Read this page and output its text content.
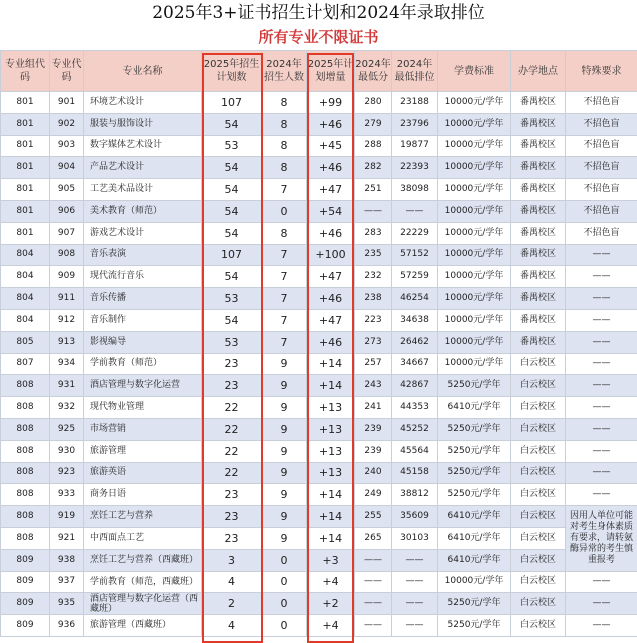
2025年3+证书招生计划和2024年录取排位
所有专业不限证书
专业组代码	专业代码	专业名称	2025年招生计划数	2024年招生人数	2025年计划增量	2024年最低分	2024年最低排位	学费标准	办学地点	特殊要求
801	901	环境艺术设计	107	8	+99	280	23188	10000元/学年	番禺校区	不招色盲
801	902	服装与服饰设计	54	8	+46	279	23796	10000元/学年	番禺校区	不招色盲
801	903	数字媒体艺术设计	53	8	+45	288	19877	10000元/学年	番禺校区	不招色盲
801	904	产品艺术设计	54	8	+46	282	22393	10000元/学年	番禺校区	不招色盲
801	905	工艺美术品设计	54	7	+47	251	38098	10000元/学年	番禺校区	不招色盲
801	906	美术教育（师范）	54	0	+54	——	——	10000元/学年	番禺校区	不招色盲
801	907	游戏艺术设计	54	8	+46	283	22229	10000元/学年	番禺校区	不招色盲
804	908	音乐表演	107	7	+100	235	57152	10000元/学年	番禺校区	——
804	909	现代流行音乐	54	7	+47	232	57259	10000元/学年	番禺校区	——
804	911	音乐传播	53	7	+46	238	46254	10000元/学年	番禺校区	——
804	912	音乐制作	54	7	+47	223	34638	10000元/学年	番禺校区	——
805	913	影视编导	53	7	+46	273	26462	10000元/学年	番禺校区	——
807	934	学前教育（师范）	23	9	+14	257	34667	10000元/学年	白云校区	——
808	931	酒店管理与数字化运营	23	9	+14	243	42867	5250元/学年	白云校区	——
808	932	现代物业管理	22	9	+13	241	44353	6410元/学年	白云校区	——
808	925	市场营销	22	9	+13	239	45252	5250元/学年	白云校区	——
808	930	旅游管理	22	9	+13	239	45564	5250元/学年	白云校区	——
808	923	旅游英语	22	9	+13	240	45158	5250元/学年	白云校区	——
808	933	商务日语	23	9	+14	249	38812	5250元/学年	白云校区	——
808	919	烹饪工艺与营养	23	9	+14	255	35609	6410元/学年	白云校区	因用人单位可能对考生身体素质有要求，请转氨酶异常的考生慎重报考
808	921	中西面点工艺	23	9	+14	265	30103	6410元/学年	白云校区	
809	938	烹饪工艺与营养（西藏班）	3	0	+3	——	——	6410元/学年	白云校区	
809	937	学前教育（师范，西藏班）	4	0	+4	——	——	10000元/学年	白云校区	——
809	935	酒店管理与数字化运营（西藏班）	2	0	+2	——	——	5250元/学年	白云校区	——
809	936	旅游管理（西藏班）	4	0	+4	——	——	5250元/学年	白云校区	——
